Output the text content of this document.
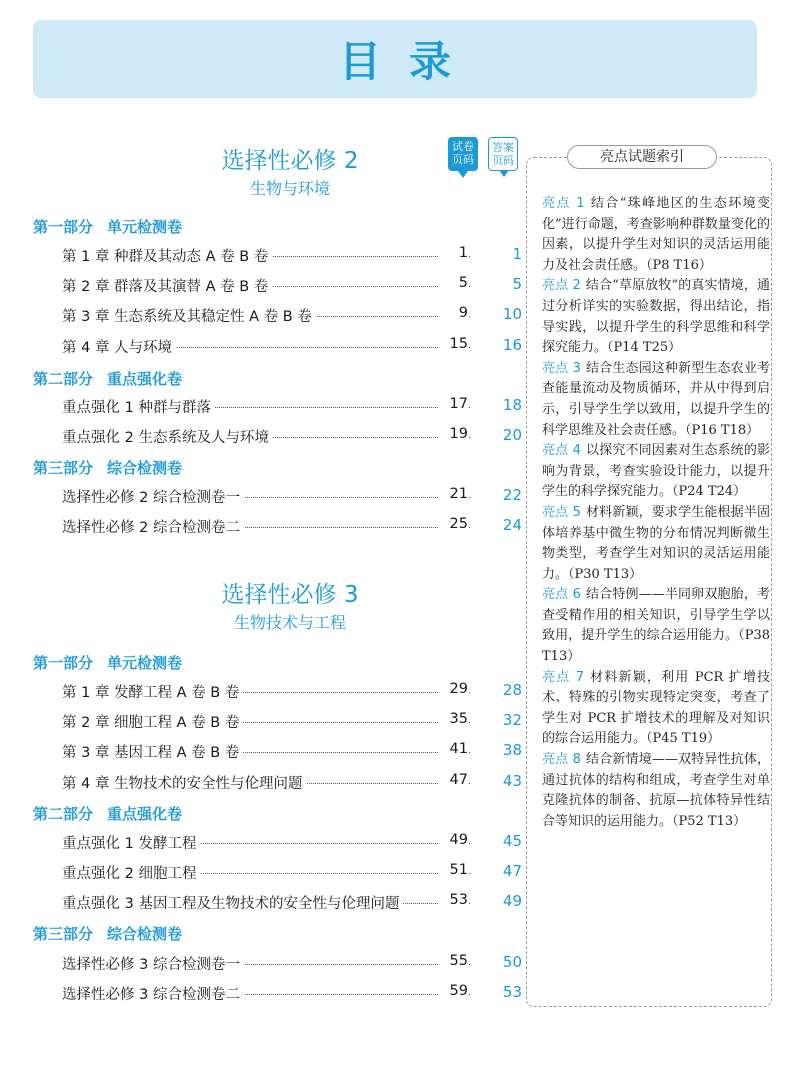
目录
试卷
页码
答案
页码
选择性必修 2
生物与环境
第一部分 单元检测卷
第 1 章 种群及其动态 A 卷 B 卷	1	1
第 2 章 群落及其演替 A 卷 B 卷	5	5
第 3 章 生态系统及其稳定性 A 卷 B 卷	9	10
第 4 章 人与环境	15	16
第二部分 重点强化卷
重点强化 1 种群与群落	17	18
重点强化 2 生态系统及人与环境	19	20
第三部分 综合检测卷
选择性必修 2 综合检测卷一	21	22
选择性必修 2 综合检测卷二	25	24
选择性必修 3
生物技术与工程
第一部分 单元检测卷
第 1 章 发酵工程 A 卷 B 卷	29	28
第 2 章 细胞工程 A 卷 B 卷	35	32
第 3 章 基因工程 A 卷 B 卷	41	38
第 4 章 生物技术的安全性与伦理问题	47	43
第二部分 重点强化卷
重点强化 1 发酵工程	49	45
重点强化 2 细胞工程	51	47
重点强化 3 基因工程及生物技术的安全性与伦理问题	53	49
第三部分 综合检测卷
选择性必修 3 综合检测卷一	55	50
选择性必修 3 综合检测卷二	59	53
亮点试题索引
亮点 1 结合“珠峰地区的生态环境变化”进行命题，考查影响种群数量变化的因素，以提升学生对知识的灵活运用能力及社会责任感。（P8 T16）
亮点 2 结合“草原放牧”的真实情境，通过分析详实的实验数据，得出结论，指导实践，以提升学生的科学思维和科学探究能力。（P14 T25）
亮点 3 结合生态园这种新型生态农业考查能量流动及物质循环，并从中得到启示，引导学生学以致用，以提升学生的科学思维及社会责任感。（P16 T18）
亮点 4 以探究不同因素对生态系统的影响为背景，考查实验设计能力，以提升学生的科学探究能力。（P24 T24）
亮点 5 材料新颖，要求学生能根据半固体培养基中微生物的分布情况判断微生物类型，考查学生对知识的灵活运用能力。（P30 T13）
亮点 6 结合特例——半同卵双胞胎，考查受精作用的相关知识，引导学生学以致用，提升学生的综合运用能力。（P38 T13）
亮点 7 材料新颖，利用 PCR 扩增技术、特殊的引物实现特定突变，考查了学生对 PCR 扩增技术的理解及对知识的综合运用能力。（P45 T19）
亮点 8 结合新情境——双特异性抗体，通过抗体的结构和组成，考查学生对单克隆抗体的制备、抗原—抗体特异性结合等知识的运用能力。（P52 T13）
